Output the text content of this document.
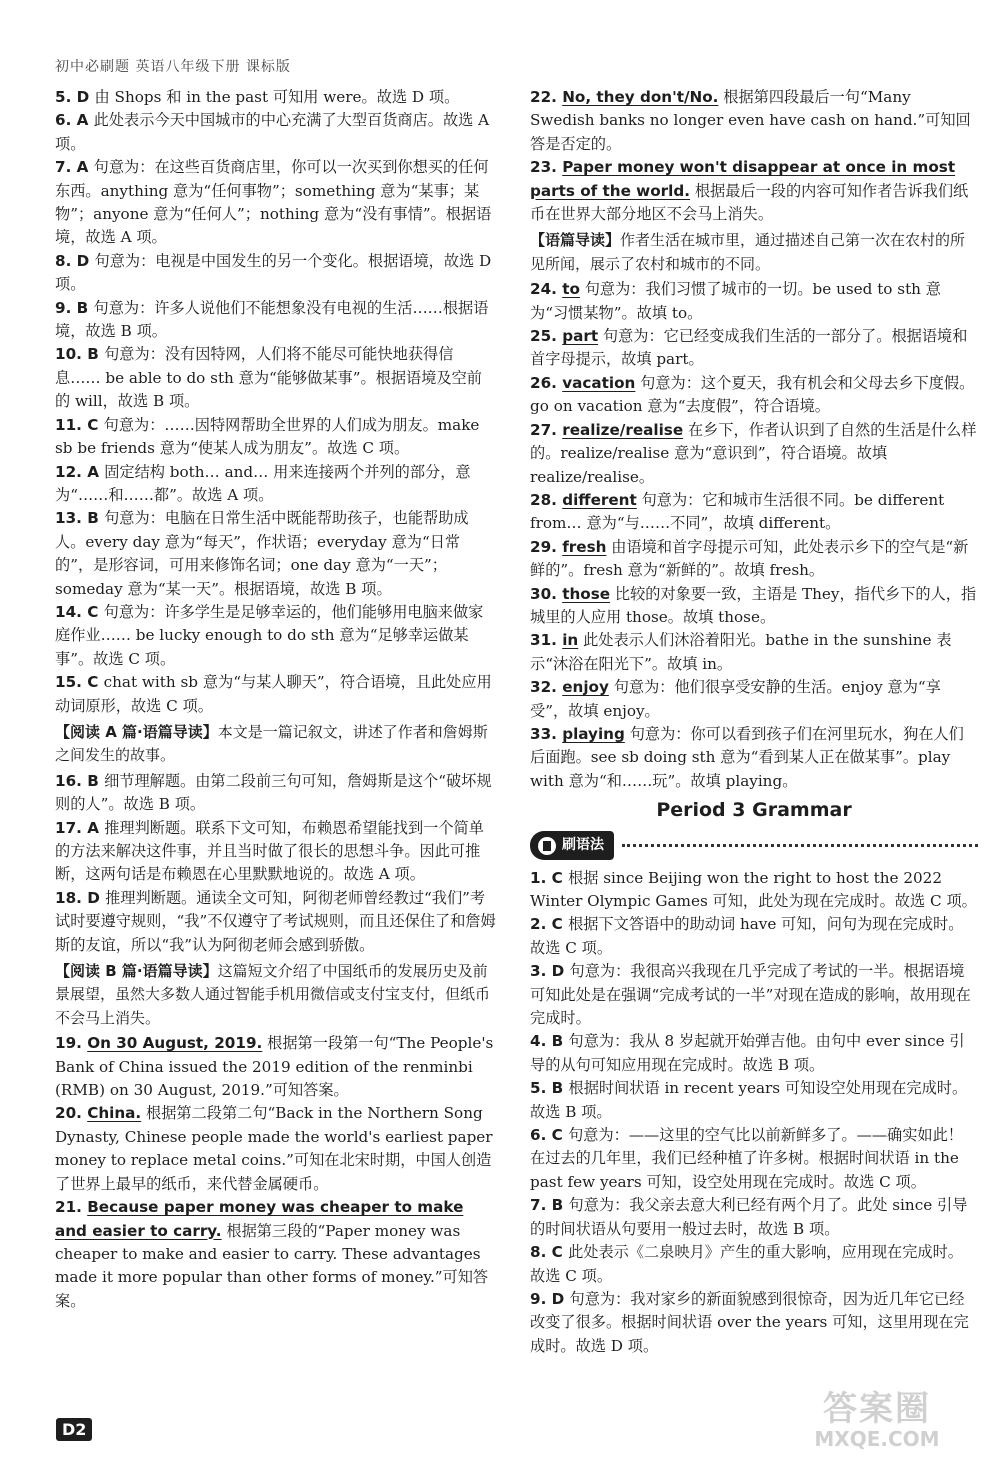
初中必刷题 英语八年级下册 课标版
5. D 由 Shops 和 in the past 可知用 were。故选 D 项。
6. A 此处表示今天中国城市的中心充满了大型百货商店。故选 A 项。
7. A 句意为：在这些百货商店里，你可以一次买到你想买的任何东西。anything 意为“任何事物”；something 意为“某事；某物”；anyone 意为“任何人”；nothing 意为“没有事情”。根据语境，故选 A 项。
8. D 句意为：电视是中国发生的另一个变化。根据语境，故选 D 项。
9. B 句意为：许多人说他们不能想象没有电视的生活……根据语境，故选 B 项。
10. B 句意为：没有因特网，人们将不能尽可能快地获得信息…… be able to do sth 意为“能够做某事”。根据语境及空前的 will，故选 B 项。
11. C 句意为：……因特网帮助全世界的人们成为朋友。make sb be friends 意为“使某人成为朋友”。故选 C 项。
12. A 固定结构 both… and… 用来连接两个并列的部分，意为“……和……都”。故选 A 项。
13. B 句意为：电脑在日常生活中既能帮助孩子，也能帮助成人。every day 意为“每天”，作状语；everyday 意为“日常的”，是形容词，可用来修饰名词；one day 意为“一天”；someday 意为“某一天”。根据语境，故选 B 项。
14. C 句意为：许多学生是足够幸运的，他们能够用电脑来做家庭作业…… be lucky enough to do sth 意为“足够幸运做某事”。故选 C 项。
15. C chat with sb 意为“与某人聊天”，符合语境，且此处应用动词原形，故选 C 项。
【阅读 A 篇·语篇导读】本文是一篇记叙文，讲述了作者和詹姆斯之间发生的故事。
16. B 细节理解题。由第二段前三句可知，詹姆斯是这个“破坏规则的人”。故选 B 项。
17. A 推理判断题。联系下文可知，布赖恩希望能找到一个简单的方法来解决这件事，并且当时做了很长的思想斗争。因此可推断，这两句话是布赖恩在心里默默地说的。故选 A 项。
18. D 推理判断题。通读全文可知，阿彻老师曾经教过“我们”考试时要遵守规则，“我”不仅遵守了考试规则，而且还保住了和詹姆斯的友谊，所以“我”认为阿彻老师会感到骄傲。
【阅读 B 篇·语篇导读】这篇短文介绍了中国纸币的发展历史及前景展望，虽然大多数人通过智能手机用微信或支付宝支付，但纸币不会马上消失。
19. On 30 August, 2019. 根据第一段第一句“The People's Bank of China issued the 2019 edition of the renminbi (RMB) on 30 August, 2019.”可知答案。
20. China. 根据第二段第二句“Back in the Northern Song Dynasty, Chinese people made the world's earliest paper money to replace metal coins.”可知在北宋时期，中国人创造了世界上最早的纸币，来代替金属硬币。
21. Because paper money was cheaper to make and easier to carry. 根据第三段的“Paper money was cheaper to make and easier to carry. These advantages made it more popular than other forms of money.”可知答案。
22. No, they don't/No. 根据第四段最后一句“Many Swedish banks no longer even have cash on hand.”可知回答是否定的。
23. Paper money won't disappear at once in most parts of the world. 根据最后一段的内容可知作者告诉我们纸币在世界大部分地区不会马上消失。
【语篇导读】作者生活在城市里，通过描述自己第一次在农村的所见所闻，展示了农村和城市的不同。
24. to 句意为：我们习惯了城市的一切。be used to sth 意为“习惯某物”。故填 to。
25. part 句意为：它已经变成我们生活的一部分了。根据语境和首字母提示，故填 part。
26. vacation 句意为：这个夏天，我有机会和父母去乡下度假。go on vacation 意为“去度假”，符合语境。
27. realize/realise 在乡下，作者认识到了自然的生活是什么样的。realize/realise 意为“意识到”，符合语境。故填 realize/realise。
28. different 句意为：它和城市生活很不同。be different from… 意为“与……不同”，故填 different。
29. fresh 由语境和首字母提示可知，此处表示乡下的空气是“新鲜的”。fresh 意为“新鲜的”。故填 fresh。
30. those 比较的对象要一致，主语是 They，指代乡下的人，指城里的人应用 those。故填 those。
31. in 此处表示人们沐浴着阳光。bathe in the sunshine 表示“沐浴在阳光下”。故填 in。
32. enjoy 句意为：他们很享受安静的生活。enjoy 意为“享受”，故填 enjoy。
33. playing 句意为：你可以看到孩子们在河里玩水，狗在人们后面跑。see sb doing sth 意为“看到某人正在做某事”。play with 意为“和……玩”。故填 playing。
Period 3 Grammar
刷语法
1. C 根据 since Beijing won the right to host the 2022 Winter Olympic Games 可知，此处为现在完成时。故选 C 项。
2. C 根据下文答语中的助动词 have 可知，问句为现在完成时。故选 C 项。
3. D 句意为：我很高兴我现在几乎完成了考试的一半。根据语境可知此处是在强调“完成考试的一半”对现在造成的影响，故用现在完成时。
4. B 句意为：我从 8 岁起就开始弹吉他。由句中 ever since 引导的从句可知应用现在完成时。故选 B 项。
5. B 根据时间状语 in recent years 可知设空处用现在完成时。故选 B 项。
6. C 句意为：——这里的空气比以前新鲜多了。——确实如此！在过去的几年里，我们已经种植了许多树。根据时间状语 in the past few years 可知，设空处用现在完成时。故选 C 项。
7. B 句意为：我父亲去意大利已经有两个月了。此处 since 引导的时间状语从句要用一般过去时，故选 B 项。
8. C 此处表示《二泉映月》产生的重大影响，应用现在完成时。故选 C 项。
9. D 句意为：我对家乡的新面貌感到很惊奇，因为近几年它已经改变了很多。根据时间状语 over the years 可知，这里用现在完成时。故选 D 项。
D2
答案圈
MXQE.COM
